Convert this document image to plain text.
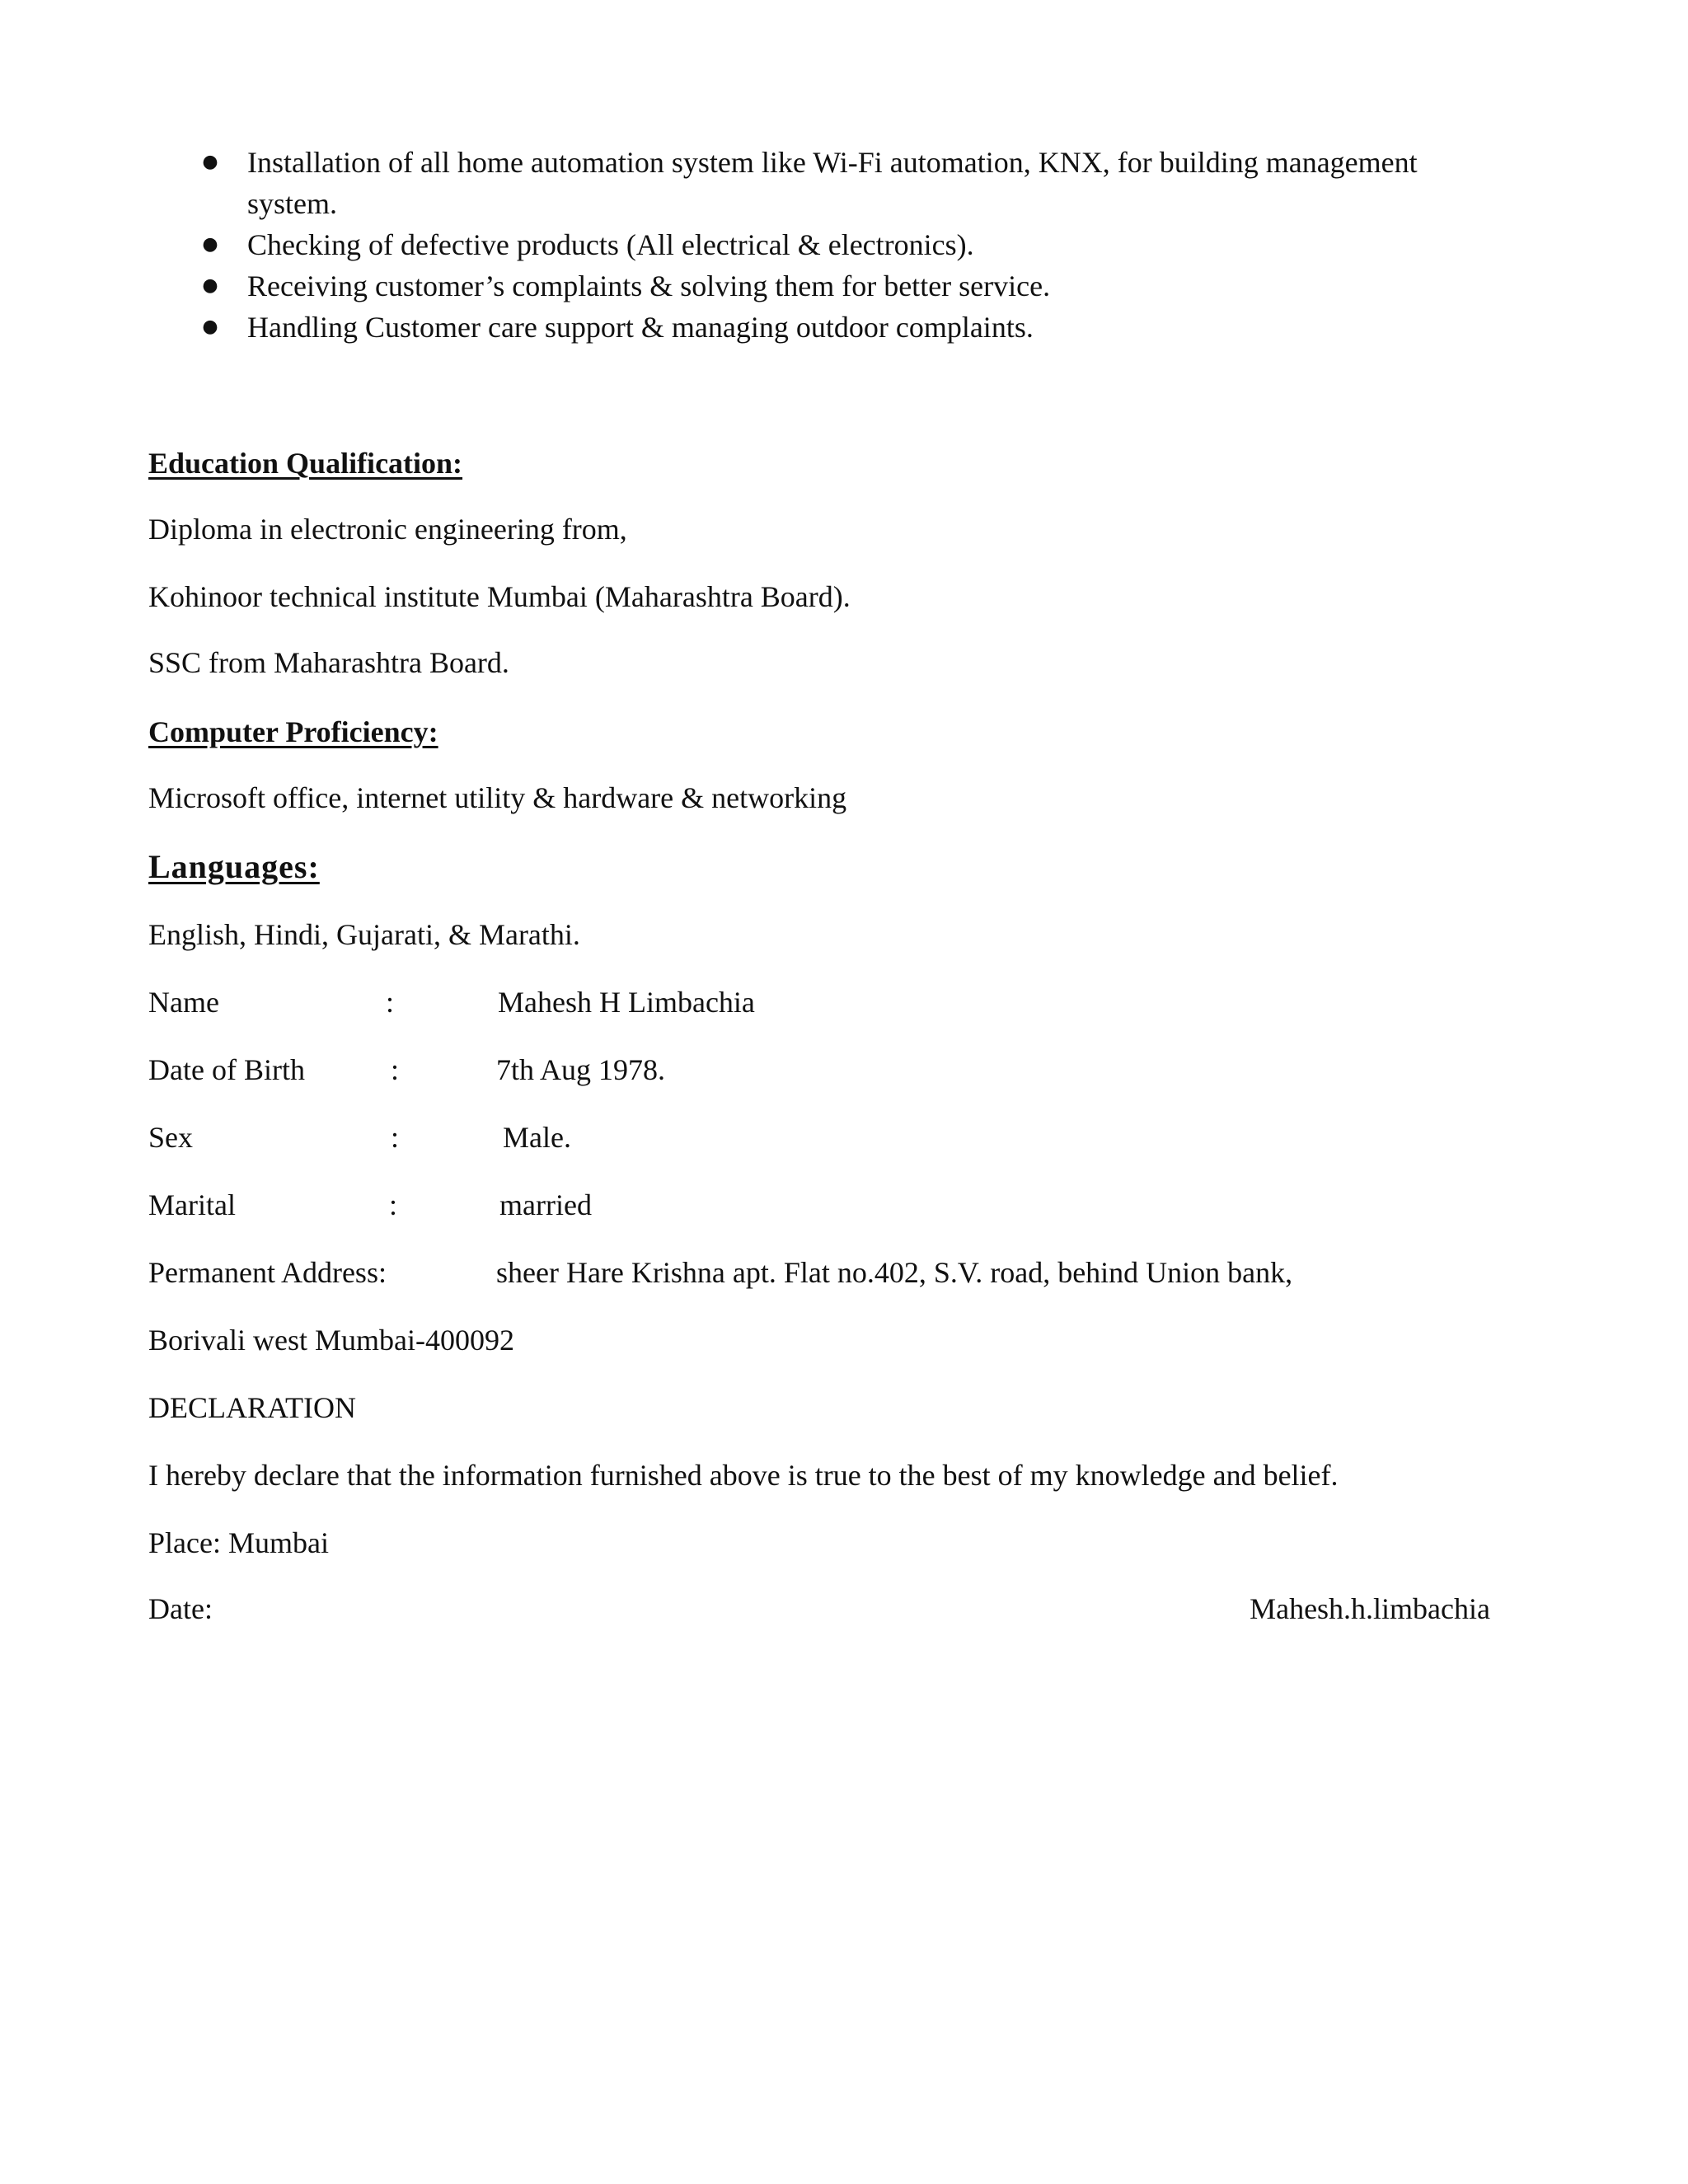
● Installation of all home automation system like Wi-Fi automation, KNX, for building management system.
● Checking of defective products (All electrical & electronics).
● Receiving customer’s complaints & solving them for better service.
● Handling Customer care support & managing outdoor complaints.
Education Qualification:
Diploma in electronic engineering from,
Kohinoor technical institute Mumbai (Maharashtra Board).
SSC from Maharashtra Board.
Computer Proficiency:
Microsoft office, internet utility & hardware & networking
Languages:
English, Hindi, Gujarati, & Marathi.
Name	:	Mahesh H Limbachia
Date of Birth	:	7th Aug 1978.
Sex	:	Male.
Marital	:	married
Permanent Address:	sheer Hare Krishna apt. Flat no.402, S.V. road, behind Union bank,
Borivali west Mumbai-400092
DECLARATION
I hereby declare that the information furnished above is true to the best of my knowledge and belief.
Place: Mumbai
Date:	Mahesh.h.limbachia
